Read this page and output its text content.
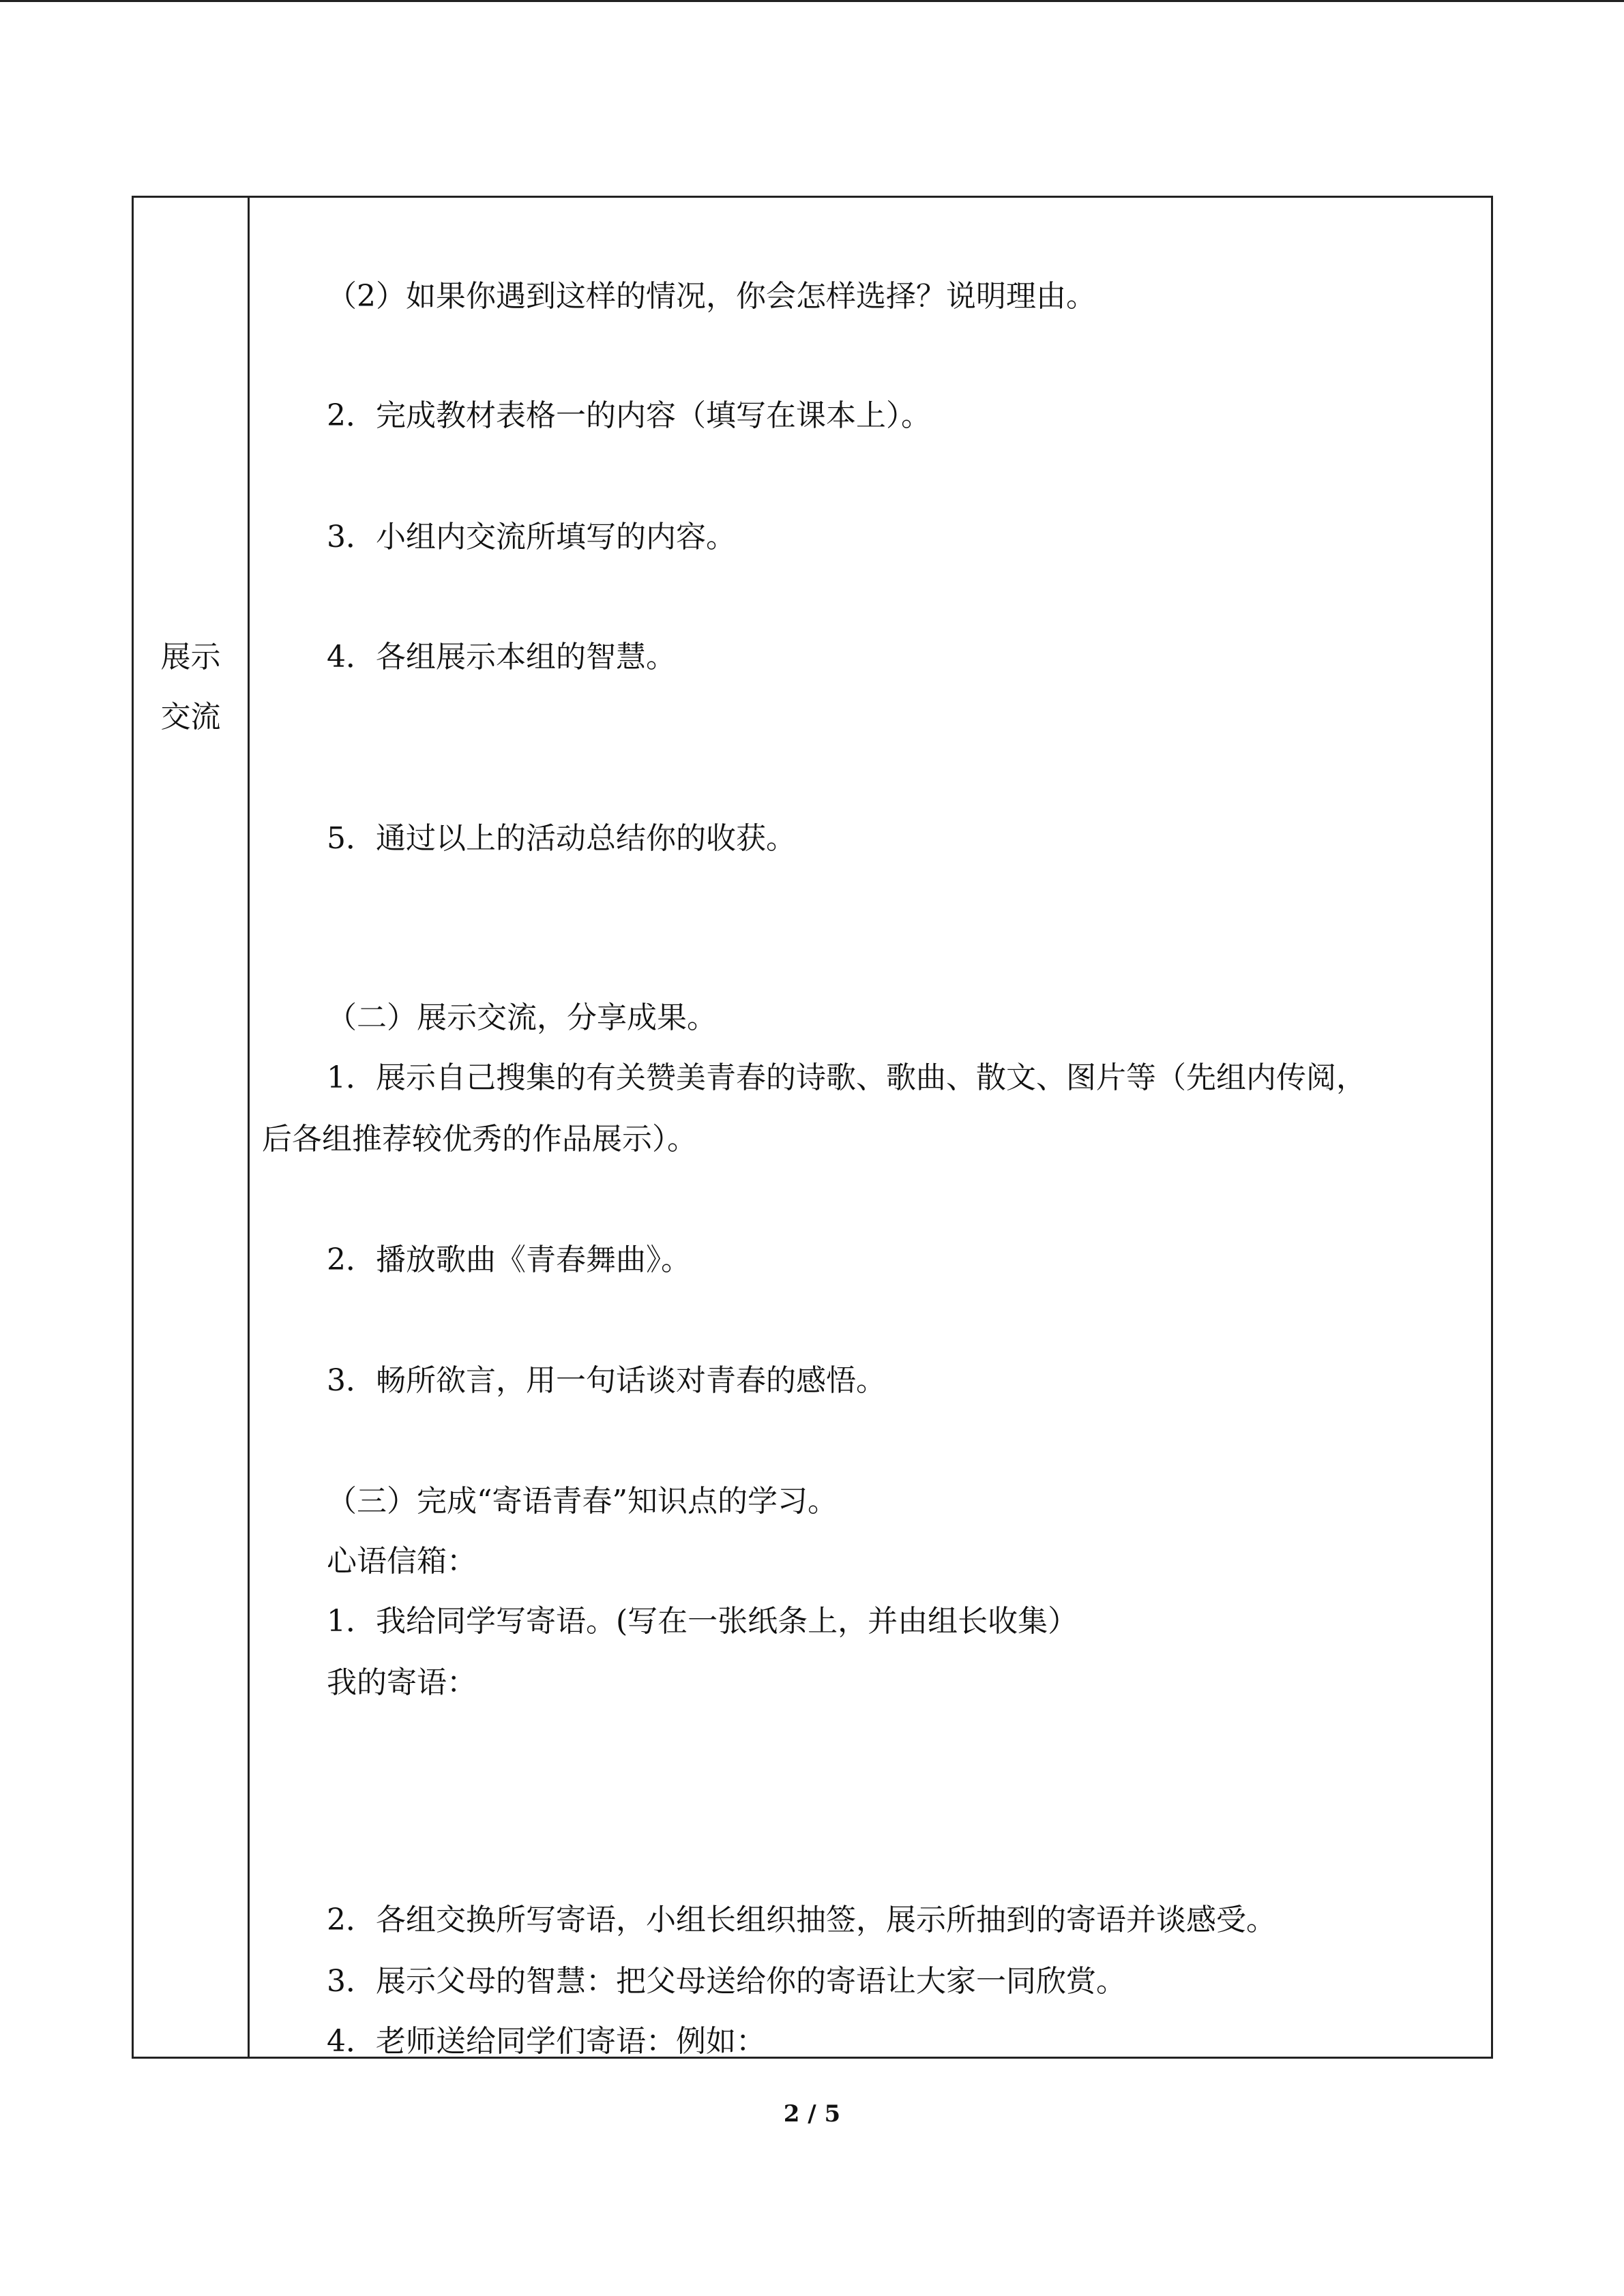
展示
交流
（2）如果你遇到这样的情况，你会怎样选择？说明理由。
2．完成教材表格一的内容（填写在课本上）。
3．小组内交流所填写的内容。
4．各组展示本组的智慧。
5．通过以上的活动总结你的收获。
（二）展示交流，分享成果。
1．展示自己搜集的有关赞美青春的诗歌、歌曲、散文、图片等（先组内传阅，
后各组推荐较优秀的作品展示）。
2．播放歌曲《青春舞曲》。
3．畅所欲言，用一句话谈对青春的感悟。
（三）完成“寄语青春”知识点的学习。
心语信箱：
1．我给同学写寄语。(写在一张纸条上，并由组长收集）
我的寄语：
2．各组交换所写寄语，小组长组织抽签，展示所抽到的寄语并谈感受。
3．展示父母的智慧：把父母送给你的寄语让大家一同欣赏。
4．老师送给同学们寄语：例如：
2 / 5
